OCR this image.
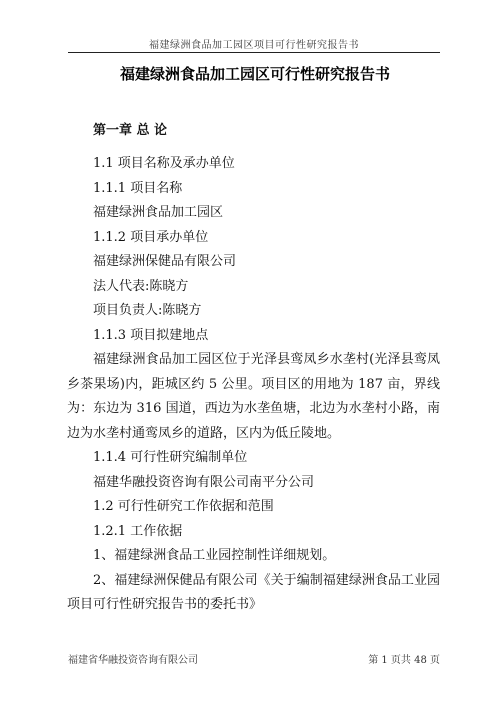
福建绿洲食品加工园区项目可行性研究报告书
福建绿洲食品加工园区可行性研究报告书
第一章 总 论
1.1 项目名称及承办单位
1.1.1 项目名称
福建绿洲食品加工园区
1.1.2 项目承办单位
福建绿洲保健品有限公司
法人代表:陈晓方
项目负责人:陈晓方
1.1.3 项目拟建地点
福建绿洲食品加工园区位于光泽县鸾凤乡水垄村(光泽县鸾凤乡茶果场)内，距城区约 5 公里。项目区的用地为 187 亩，界线为：东边为 316 国道，西边为水垄鱼塘，北边为水垄村小路，南边为水垄村通鸾凤乡的道路，区内为低丘陵地。
1.1.4 可行性研究编制单位
福建华融投资咨询有限公司南平分公司
1.2 可行性研究工作依据和范围
1.2.1 工作依据
1、福建绿洲食品工业园控制性详细规划。
2、福建绿洲保健品有限公司《关于编制福建绿洲食品工业园项目可行性研究报告书的委托书》
福建省华融投资咨询有限公司	第 1 页共 48 页
